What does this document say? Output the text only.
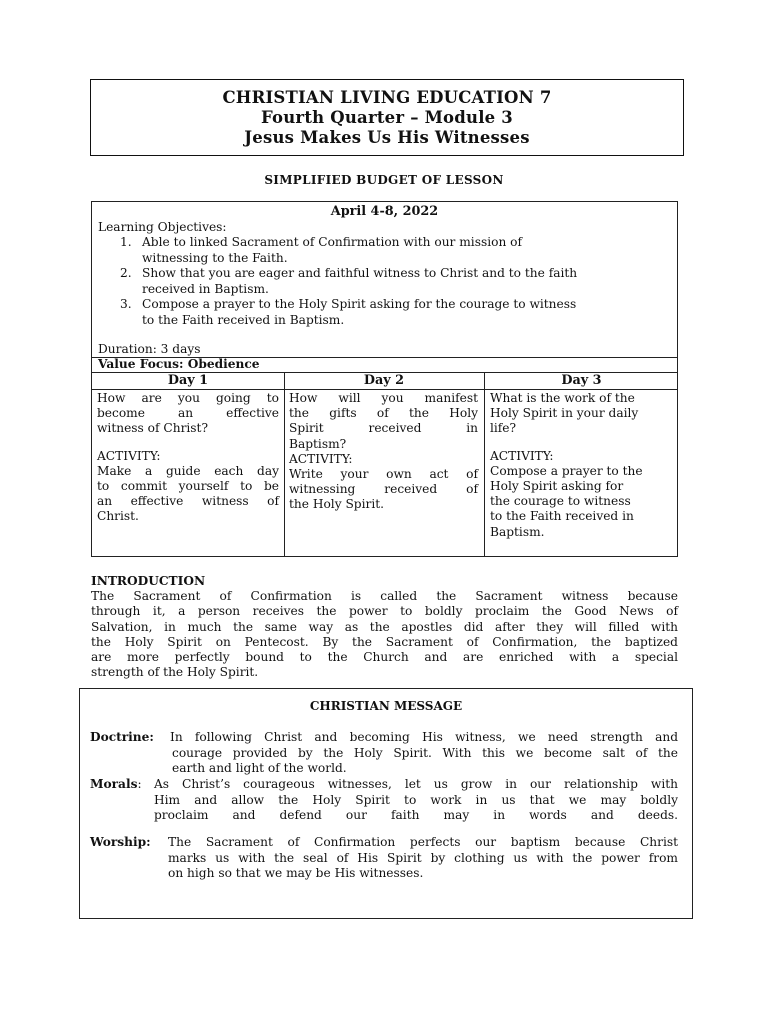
CHRISTIAN LIVING EDUCATION 7
Fourth Quarter – Module 3
Jesus Makes Us His Witnesses
SIMPLIFIED BUDGET OF LESSON
April 4-8, 2022
Learning Objectives:
1. Able to linked Sacrament of Confirmation with our mission of
witnessing to the Faith.
2. Show that you are eager and faithful witness to Christ and to the faith
received in Baptism.
3. Compose a prayer to the Holy Spirit asking for the courage to witness
to the Faith received in Baptism.
Duration: 3 days
Value Focus: Obedience
Day 1	Day 2	Day 3
How are you going to
become an effective
witness of Christ?
ACTIVITY:
Make a guide each day
to commit yourself to be
an effective witness of
Christ.
How will you manifest
the gifts of the Holy
Spirit received in
Baptism?
ACTIVITY:
Write your own act of
witnessing received of
the Holy Spirit.
What is the work of the
Holy Spirit in your daily
life?
ACTIVITY:
Compose a prayer to the
Holy Spirit asking for
the courage to witness
to the Faith received in
Baptism.
INTRODUCTION
The Sacrament of Confirmation is called the Sacrament witness because
through it, a person receives the power to boldly proclaim the Good News of
Salvation, in much the same way as the apostles did after they will filled with
the Holy Spirit on Pentecost. By the Sacrament of Confirmation, the baptized
are more perfectly bound to the Church and are enriched with a special
strength of the Holy Spirit.
CHRISTIAN MESSAGE
Doctrine: In following Christ and becoming His witness, we need strength and
courage provided by the Holy Spirit. With this we become salt of the
earth and light of the world.
Morals: As Christ’s courageous witnesses, let us grow in our relationship with
Him and allow the Holy Spirit to work in us that we may boldly
proclaim and defend our faith may in words and deeds.
Worship: The Sacrament of Confirmation perfects our baptism because Christ
marks us with the seal of His Spirit by clothing us with the power from
on high so that we may be His witnesses.
